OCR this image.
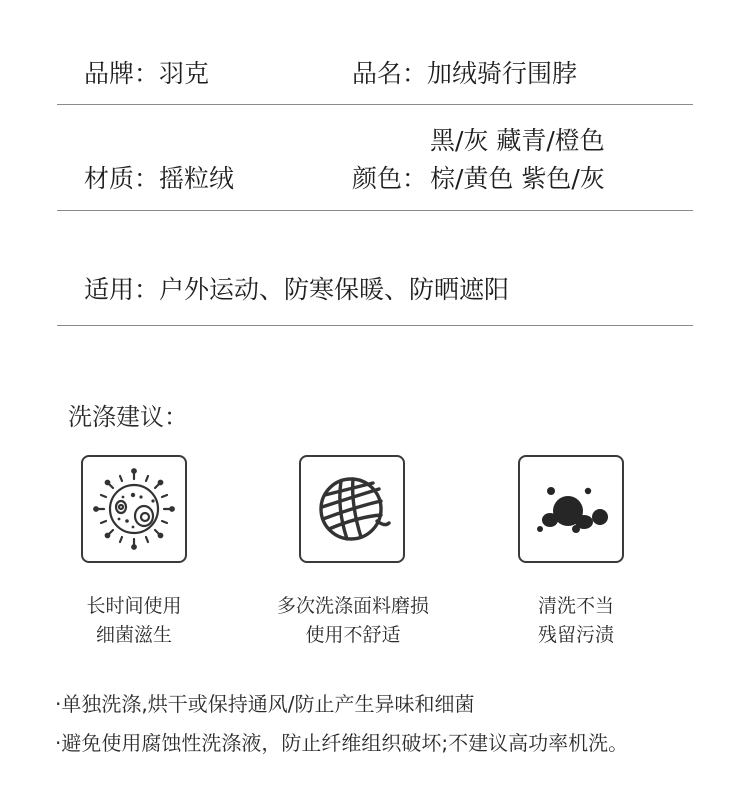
品牌：羽克	品名：加绒骑行围脖
黑/灰 藏青/橙色
材质：摇粒绒	颜色： 棕/黄色 紫色/灰
适用：户外运动、防寒保暖、防晒遮阳
洗涤建议：
长时间使用
细菌滋生
多次洗涤面料磨损
使用不舒适
清洗不当
残留污渍
·单独洗涤,烘干或保持通风/防止产生异味和细菌
·避免使用腐蚀性洗涤液，防止纤维组织破坏;不建议高功率机洗。
